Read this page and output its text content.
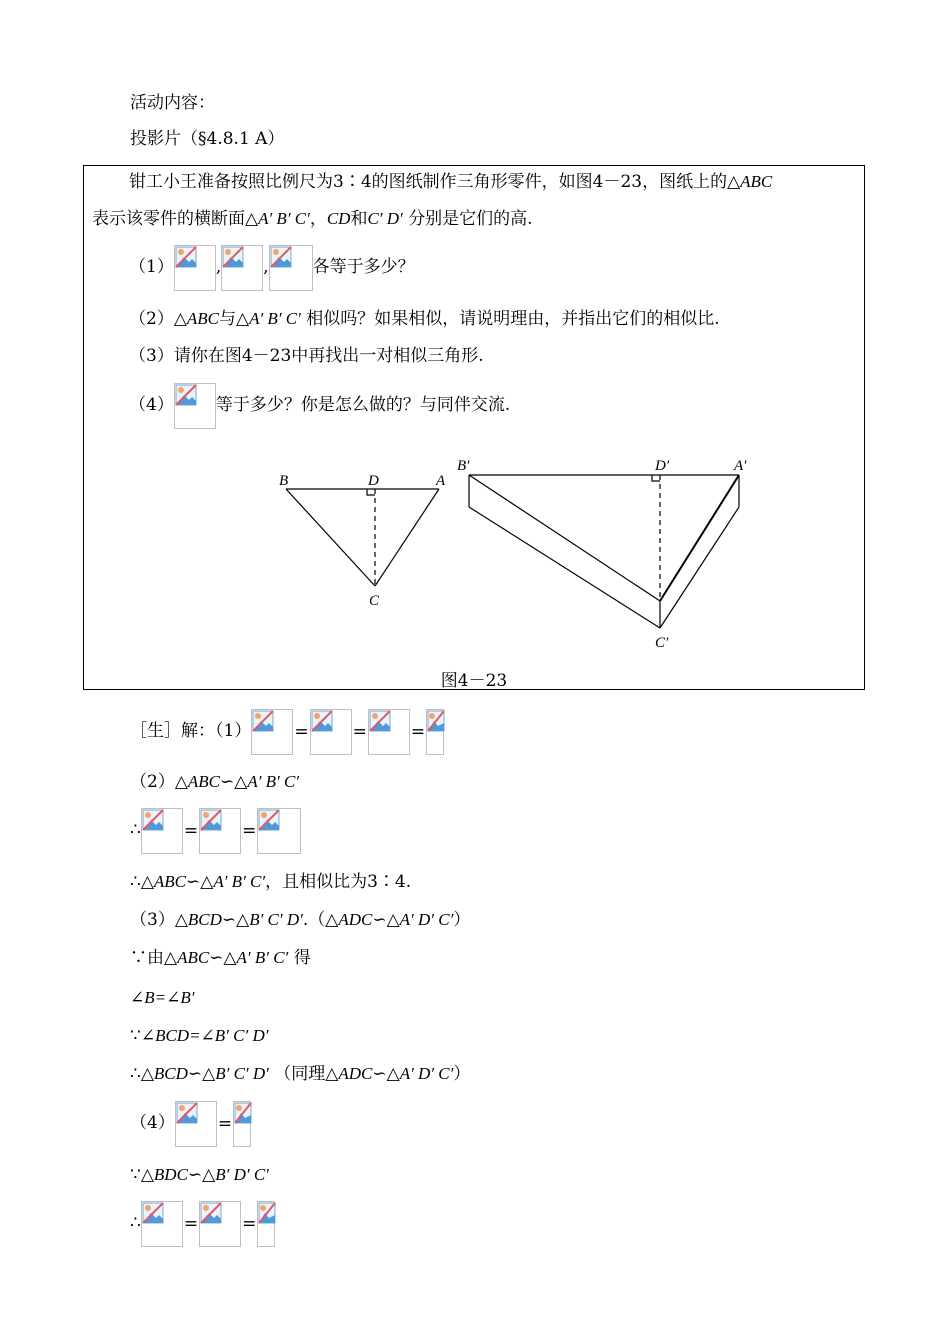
活动内容：
投影片（§4.8.1 A）
钳工小王准备按照比例尺为3∶4的图纸制作三角形零件，如图4－23，图纸上的△ABC
表示该零件的横断面△A′ B′ C′，CD和C′ D′ 分别是它们的高.
（1） , ,	各等于多少？
（2）△ABC与△A′ B′ C′ 相似吗？如果相似，请说明理由，并指出它们的相似比.
（3）请你在图4－23中再找出一对相似三角形.
（4） 等于多少？你是怎么做的？与同伴交流.
B	D	A
C
B′	D′	A′
C′
图4－23
［生］解：（1）	=	=	=
（2）△ABC∽△A′ B′ C′
∴	=	=
∴△ABC∽△A′ B′ C′，且相似比为3∶4.
（3）△BCD∽△B′ C′ D′.（△ADC∽△A′ D′ C′）
∵由△ABC∽△A′ B′ C′ 得
∠B=∠B′
∵∠BCD=∠B′ C′ D′
∴△BCD∽△B′ C′ D′ （同理△ADC∽△A′ D′ C′）
（4）	=
∵△BDC∽△B′ D′ C′
∴	=	=
